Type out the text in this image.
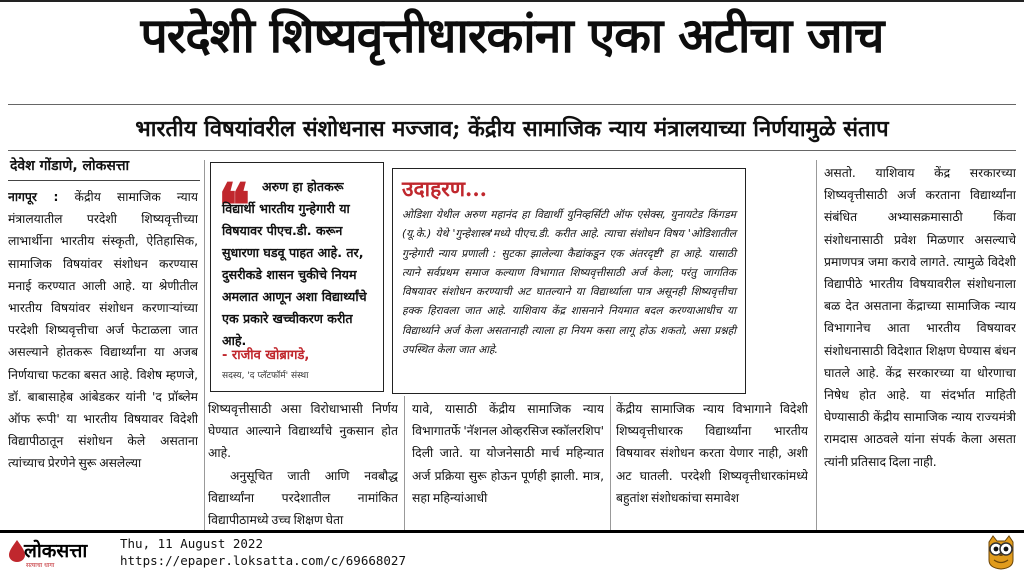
परदेशी शिष्यवृत्तीधारकांना एका अटीचा जाच
भारतीय विषयांवरील संशोधनास मज्जाव; केंद्रीय सामाजिक न्याय मंत्रालयाच्या निर्णयामुळे संताप
देवेश गोंडाणे, लोकसत्ता

नागपूर : केंद्रीय सामाजिक न्याय मंत्रालयातील परदेशी शिष्यवृत्तीच्या लाभार्थीना भारतीय संस्कृती, ऐतिहासिक, सामाजिक विषयांवर संशोधन करण्यास मनाई करण्यात आली आहे. या श्रेणीतील भारतीय विषयांवर संशोधन करणाऱ्यांच्या परदेशी शिष्यवृत्तीचा अर्ज फेटाळला जात असल्याने होतकरू विद्यार्थ्यांना या अजब निर्णयाचा फटका बसत आहे. विशेष म्हणजे, डॉ. बाबासाहेब आंबेडकर यांनी 'द प्रॉब्लेम ऑफ रूपी' या भारतीय विषयावर विदेशी विद्यापीठातून संशोधन केले असताना त्यांच्याच प्रेरणेने सुरू असलेल्या

❝ अरुण हा होतकरू विद्यार्थी भारतीय गुन्हेगारी या विषयावर पीएच.डी. करून सुधारणा घडवू पाहत आहे. तर, दुसरीकडे शासन चुकीचे नियम अमलात आणून अशा विद्यार्थ्यांचे एक प्रकारे खच्चीकरण करीत आहे.
- राजीव खोब्रागडे,
सदस्य, 'द प्लॅटफॉर्म' संस्था
उदाहरण...
ओडिशा येथील अरुण महानंद हा विद्यार्थी युनिव्हर्सिटी ऑफ एसेक्स, युनायटेड किंगडम (यू.के.) येथे 'गुन्हेशास्त्र'मध्ये पीएच.डी. करीत आहे. त्याचा संशोधन विषय 'ओडिशातील गुन्हेगारी न्याय प्रणाली : सुटका झालेल्या कैद्यांकडून एक अंतरदृष्टी' हा आहे. यासाठी त्याने सर्वप्रथम समाज कल्याण विभागात शिष्यवृत्तीसाठी अर्ज केला; परंतु जागतिक विषयावर संशोधन करण्याची अट घातल्याने या विद्यार्थ्याला पात्र असूनही शिष्यवृत्तीचा हक्क हिरावला जात आहे. याशिवाय केंद्र शासनाने नियमात बदल करण्याआधीच या विद्यार्थ्याने अर्ज केला असतानाही त्याला हा नियम कसा लागू होऊ शकतो, असा प्रश्नही उपस्थित केला जात आहे.

शिष्यवृत्तीसाठी असा विरोधाभासी निर्णय घेण्यात आल्याने विद्यार्थ्यांचे नुकसान होत आहे.

अनुसूचित जाती आणि नवबौद्ध विद्यार्थ्यांना परदेशातील नामांकित विद्यापीठामध्ये उच्च शिक्षण घेता

यावे, यासाठी केंद्रीय सामाजिक न्याय विभागातर्फे 'नॅशनल ओव्हरसिज स्कॉलरशिप' दिली जाते. या योजनेसाठी मार्च महिन्यात अर्ज प्रक्रिया सुरू होऊन पूर्णही झाली. मात्र, सहा महिन्यांआधी

केंद्रीय सामाजिक न्याय विभागाने विदेशी शिष्यवृत्तीधारक विद्यार्थ्यांना भारतीय विषयावर संशोधन करता येणार नाही, अशी अट घातली. परदेशी शिष्यवृत्तीधारकांमध्ये बहुतांश संशोधकांचा समावेश

असतो. याशिवाय केंद्र सरकारच्या शिष्यवृत्तीसाठी अर्ज करताना विद्यार्थ्यांना संबंधित अभ्यासक्रमासाठी किंवा संशोधनासाठी प्रवेश मिळणार असल्याचे प्रमाणपत्र जमा करावे लागते. त्यामुळे विदेशी विद्यापीठे भारतीय विषयावरील संशोधनाला बळ देत असताना केंद्राच्या सामाजिक न्याय विभागानेच आता भारतीय विषयावर संशोधनासाठी विदेशात शिक्षण घेण्यास बंधन घातले आहे. केंद्र सरकारच्या या धोरणाचा निषेध होत आहे. या संदर्भात माहिती घेण्यासाठी केंद्रीय सामाजिक न्याय राज्यमंत्री रामदास आठवले यांना संपर्क केला असता त्यांनी प्रतिसाद दिला नाही.

लोकसत्ता
सत्याचा धागा
Thu, 11 August 2022
https://epaper.loksatta.com/c/69668027
